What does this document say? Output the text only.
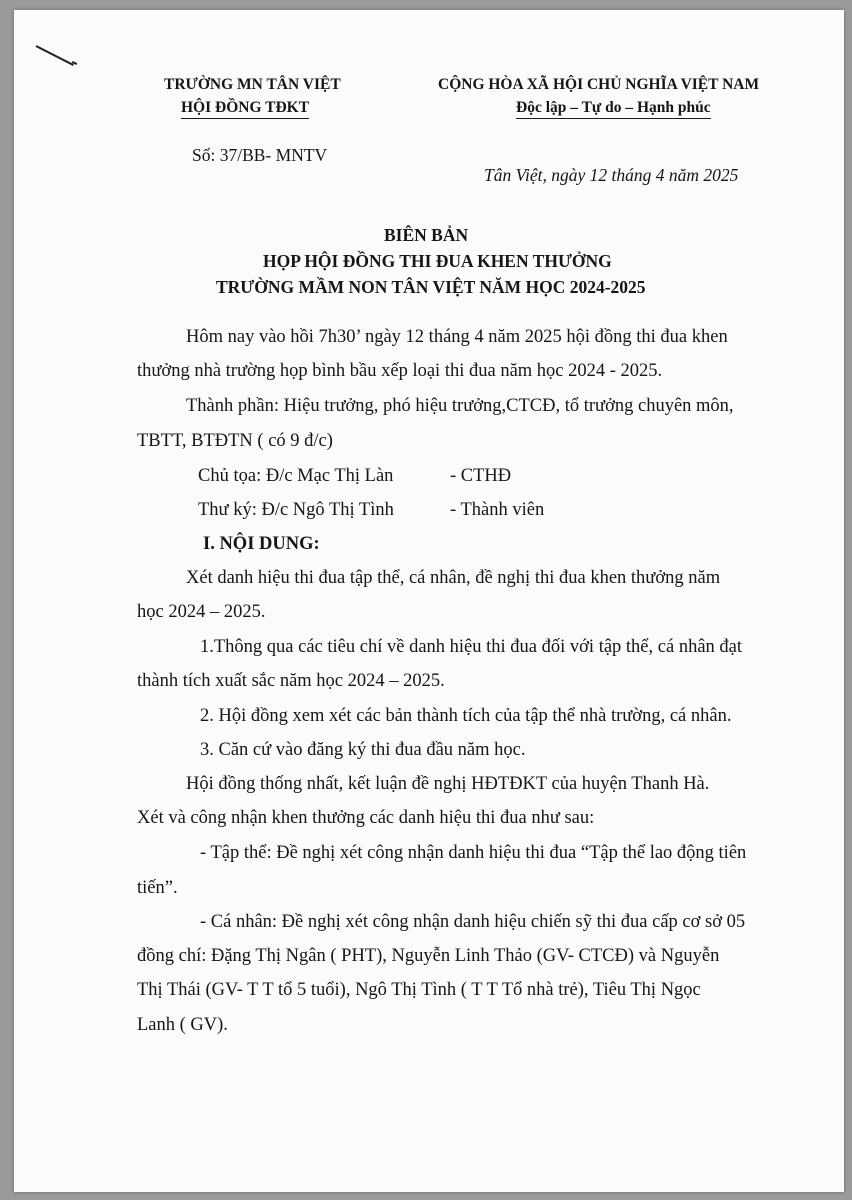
TRƯỜNG MN TÂN VIỆT
HỘI ĐỒNG TĐKT
Số: 37/BB- MNTV
CỘNG HÒA XÃ HỘI CHỦ NGHĨA VIỆT NAM
Độc lập – Tự do – Hạnh phúc
Tân Việt, ngày 12 tháng 4 năm 2025
BIÊN BẢN
HỌP HỘI ĐỒNG THI ĐUA KHEN THƯỞNG
TRƯỜNG MẦM NON TÂN VIỆT NĂM HỌC 2024-2025
Hôm nay vào hồi 7h30’ ngày 12 tháng 4 năm 2025 hội đồng thi đua khen
thưởng nhà trường họp bình bầu xếp loại thi đua năm học 2024 - 2025.
Thành phần: Hiệu trưởng, phó hiệu trưởng,CTCĐ, tổ trưởng chuyên môn,
TBTT, BTĐTN ( có 9 đ/c)
Chủ tọa: Đ/c Mạc Thị Làn	- CTHĐ
Thư ký: Đ/c Ngô Thị Tình	- Thành viên
I. NỘI DUNG:
Xét danh hiệu thi đua tập thể, cá nhân, đề nghị thi đua khen thưởng năm
học 2024 – 2025.
1.Thông qua các tiêu chí về danh hiệu thi đua đối với tập thể, cá nhân đạt
thành tích xuất sắc năm học 2024 – 2025.
2. Hội đồng xem xét các bản thành tích của tập thể nhà trường, cá nhân.
3. Căn cứ vào đăng ký thi đua đầu năm học.
Hội đồng thống nhất, kết luận đề nghị HĐTĐKT của huyện Thanh Hà.
Xét và công nhận khen thưởng các danh hiệu thi đua như sau:
- Tập thể: Đề nghị xét công nhận danh hiệu thi đua “Tập thể lao động tiên
tiến”.
- Cá nhân: Đề nghị xét công nhận danh hiệu chiến sỹ thi đua cấp cơ sở 05
đồng chí: Đặng Thị Ngân ( PHT), Nguyễn Linh Thảo (GV- CTCĐ) và Nguyễn
Thị Thái (GV- T T tổ 5 tuổi), Ngô Thị Tình ( T T Tổ nhà trẻ), Tiêu Thị Ngọc
Lanh ( GV).
